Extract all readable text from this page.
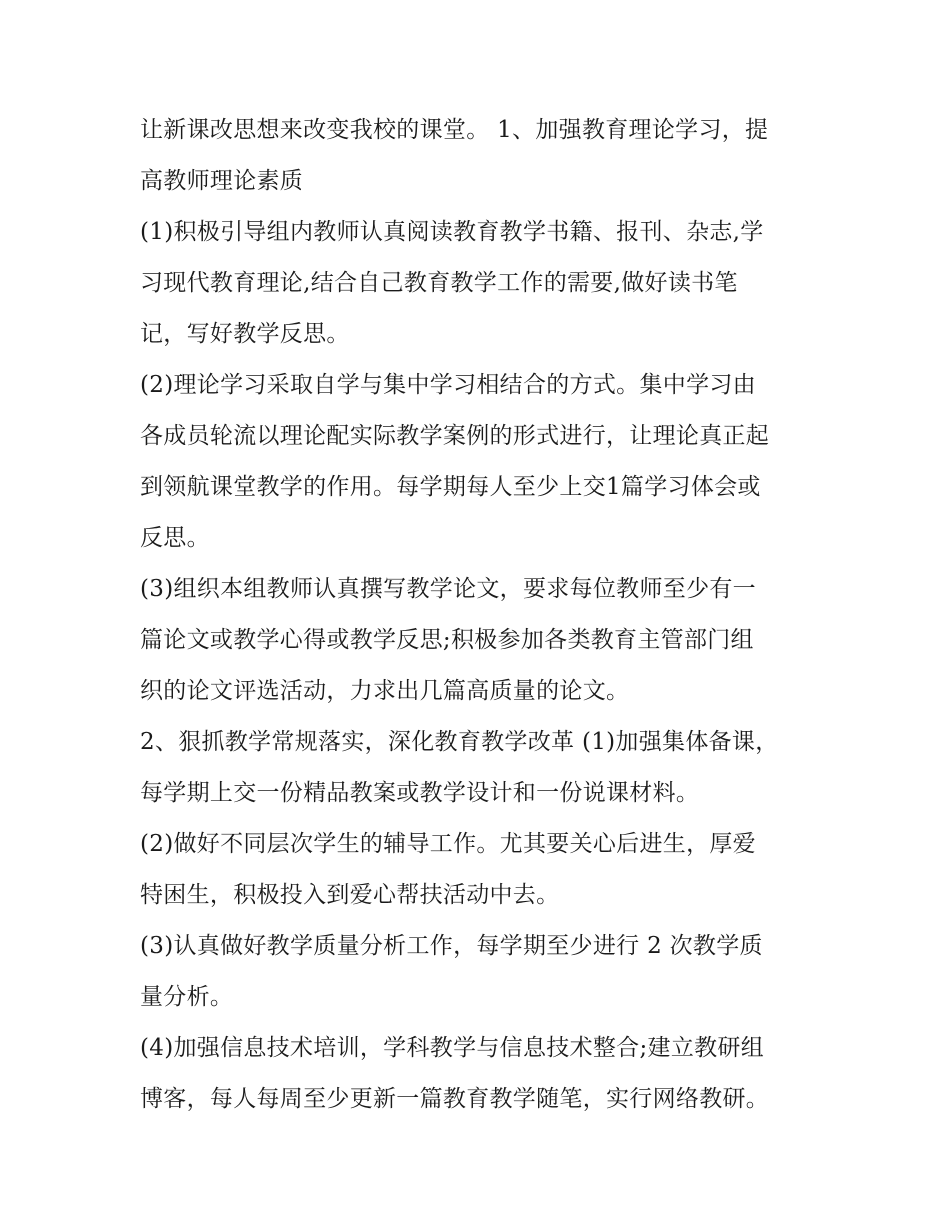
让新课改思想来改变我校的课堂。 1、加强教育理论学习，提
高教师理论素质
(1)积极引导组内教师认真阅读教育教学书籍、报刊、杂志,学
习现代教育理论,结合自己教育教学工作的需要,做好读书笔
记，写好教学反思。
(2)理论学习采取自学与集中学习相结合的方式。集中学习由
各成员轮流以理论配实际教学案例的形式进行，让理论真正起
到领航课堂教学的作用。每学期每人至少上交1篇学习体会或
反思。
(3)组织本组教师认真撰写教学论文，要求每位教师至少有一
篇论文或教学心得或教学反思;积极参加各类教育主管部门组
织的论文评选活动，力求出几篇高质量的论文。
2、狠抓教学常规落实，深化教育教学改革 (1)加强集体备课，
每学期上交一份精品教案或教学设计和一份说课材料。
(2)做好不同层次学生的辅导工作。尤其要关心后进生，厚爱
特困生，积极投入到爱心帮扶活动中去。
(3)认真做好教学质量分析工作，每学期至少进行 2 次教学质
量分析。
(4)加强信息技术培训，学科教学与信息技术整合;建立教研组
博客，每人每周至少更新一篇教育教学随笔，实行网络教研。
